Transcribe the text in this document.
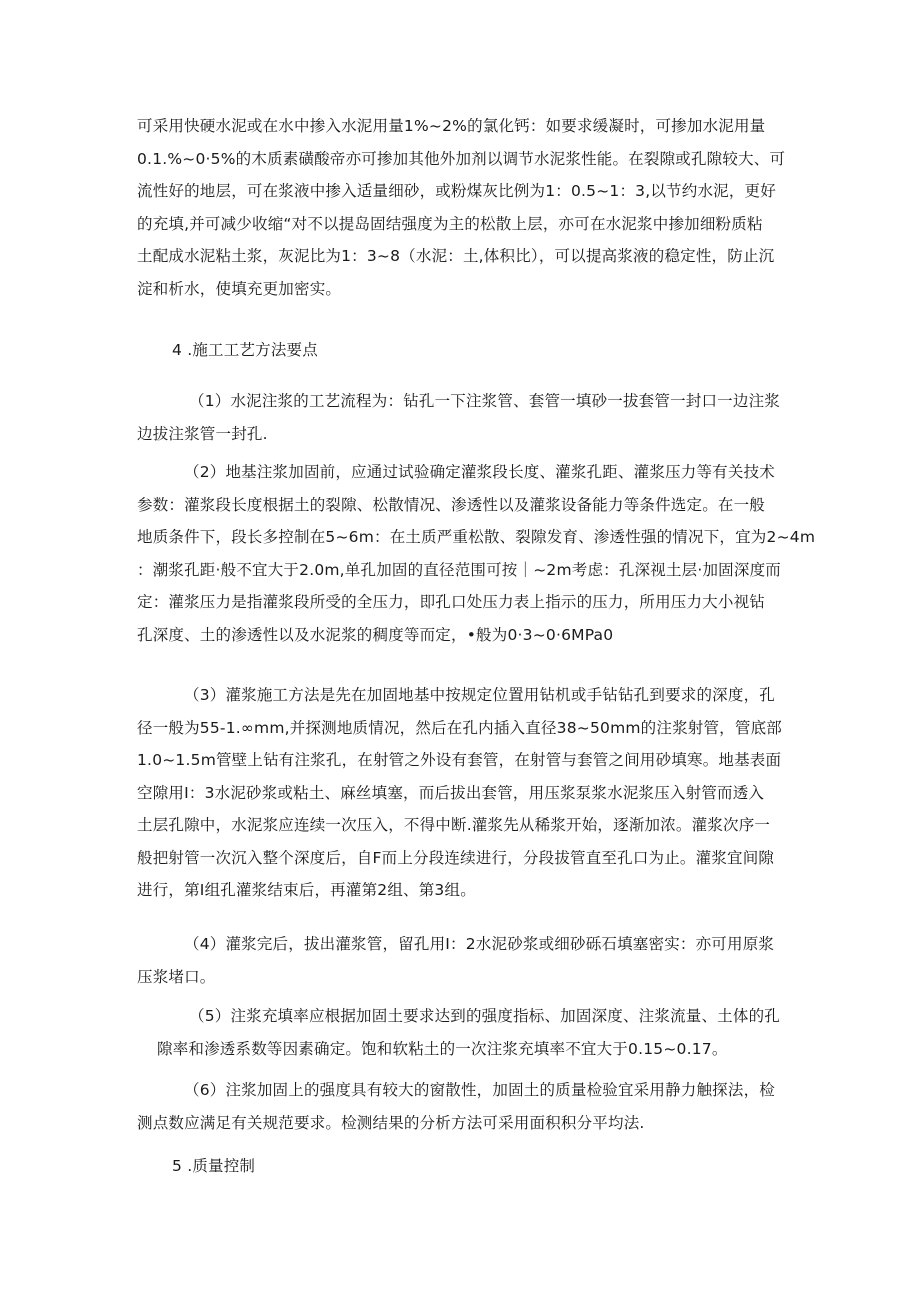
可采用快硬水泥或在水中掺入水泥用量1%~2%的氯化钙：如要求缓凝时，可掺加水泥用量
0.1.%~0·5%的木质素磺酸帝亦可掺加其他外加剂以调节水泥浆性能。在裂隙或孔隙较大、可
流性好的地层，可在浆液中掺入适量细砂，或粉煤灰比例为1：0.5~1：3,以节约水泥，更好
的充填,并可减少收缩“对不以提岛固结强度为主的松散上层，亦可在水泥浆中掺加细粉质粘
土配成水泥粘土浆，灰泥比为1：3~8（水泥：土,体积比），可以提高浆液的稳定性，防止沉
淀和析水，使填充更加密实。
4 .施工工艺方法要点
（1）水泥注浆的工艺流程为：钻孔一下注浆管、套管一填砂一拔套管一封口一边注浆
边拔注浆管一封孔.
（2）地基注浆加固前，应通过试验确定灌浆段长度、灌浆孔距、灌浆压力等有关技术
参数：灌浆段长度根据土的裂隙、松散情况、渗透性以及灌浆设备能力等条件选定。在一般
地质条件下，段长多控制在5~6m：在土质严重松散、裂隙发育、渗透性强的情况下，宜为2~4m
：潮浆孔距·般不宜大于2.0m,单孔加固的直径范围可按｜~2m考虑：孔深视土层·加固深度而
定：灌浆压力是指灌浆段所受的全压力，即孔口处压力表上指示的压力，所用压力大小视钻
孔深度、土的渗透性以及水泥浆的稠度等而定，•般为0·3~0·6MPa0
（3）灌浆施工方法是先在加固地基中按规定位置用钻机或手钻钻孔到要求的深度，孔
径一般为55-1.∞mm,并探测地质情况，然后在孔内插入直径38~50mm的注浆射管，管底部
1.0~1.5m管壁上钻有注浆孔，在射管之外设有套管，在射管与套管之间用砂填寒。地基表面
空隙用I：3水泥砂浆或粘土、麻丝填塞，而后拔出套管，用压浆泵浆水泥浆压入射管而透入
土层孔隙中，水泥浆应连续一次压入，不得中断.灌浆先从稀浆开始，逐渐加浓。灌浆次序一
般把射管一次沉入整个深度后，自F而上分段连续进行，分段拔管直至孔口为止。灌浆宜间隙
进行，第I组孔灌浆结束后，再灌第2组、第3组。
（4）灌浆完后，拔出灌浆管，留孔用I：2水泥砂浆或细砂砾石填塞密实：亦可用原浆
压浆堵口。
（5）注浆充填率应根据加固土要求达到的强度指标、加固深度、注浆流量、土体的孔
隙率和渗透系数等因素确定。饱和软粘土的一次注浆充填率不宜大于0.15~0.17。
（6）注浆加固上的强度具有较大的窗散性，加固土的质量检验宜采用静力触探法，检
测点数应满足有关规范要求。检测结果的分析方法可采用面积积分平均法.
5 .质量控制
